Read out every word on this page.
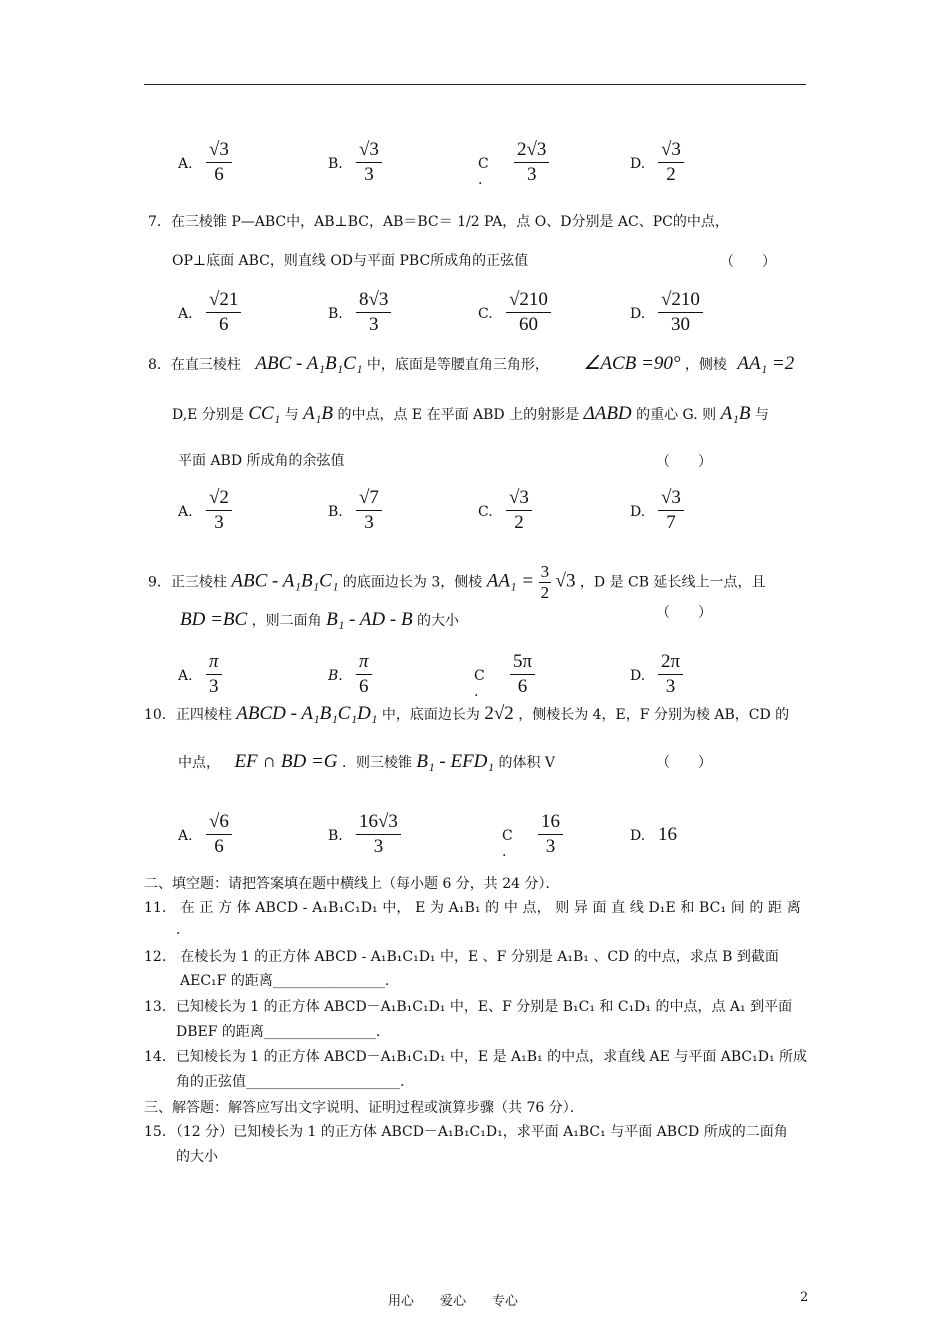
A. $\frac{√3}{6}$	B. $\frac{√3}{3}$	C .	$\frac{2√3}{3}$	D. $\frac{√3}{2}$
7．在三棱锥 P—ABC中，AB⊥BC，AB＝BC＝ 1/2 PA，点 O、D分别是 AC、PC的中点，
OP⊥底面 ABC，则直线 OD与平面 PBC所成角的正弦值	（　　）
A. $\frac{√21}{6}$	B. $\frac{8√3}{3}$	C. $\frac{√210}{60}$	D. $\frac{√210}{30}$
8．在直三棱柱 ABC - A₁B₁C₁ 中，底面是等腰直角三角形， ∠ACB =90° ，侧棱 AA₁ =2
D,E 分别是 CC₁ 与 A₁B 的中点，点 E 在平面 ABD 上的射影是 ΔABD 的重心 G. 则 A₁B 与
平面 ABD 所成角的余弦值	（　　）
A. $\frac{√2}{3}$	B. $\frac{√7}{3}$	C. $\frac{√3}{2}$	D. $\frac{√3}{7}$
9．正三棱柱 ABC - A₁B₁C₁ 的底面边长为 3，侧棱 $AA_1 = \frac{3}{2} √3$ ，D 是 CB 延长线上一点，且
BD =BC ，则二面角 B₁ - AD - B 的大小	（　　）
A. $\frac{\pi}{3}$	B. $\frac{\pi}{6}$	C .	$\frac{5\pi}{6}$	D. $\frac{2\pi}{3}$
10．正四棱柱 ABCD - A₁B₁C₁D₁ 中，底面边长为 2√2 ，侧棱长为 4，E，F 分别为棱 AB，CD 的
中点， EF ∩ BD =G ．则三棱锥 B₁ - EFD₁ 的体积 V	（　　）
A. $\frac{√6}{6}$	B. $\frac{16√3}{3}$	C .	$\frac{16}{3}$	D. 16
二、填空题：请把答案填在题中横线上（每小题 6 分，共 24 分）．
11． 在 正 方 体 ABCD - A₁B₁C₁D₁ 中， E 为 A₁B₁ 的 中 点， 则 异 面 直 线 D₁E 和 BC₁ 间 的 距 离
．
12． 在棱长为 1 的正方体 ABCD - A₁B₁C₁D₁ 中，E 、F 分别是 A₁B₁ 、CD 的中点，求点 B 到截面
AEC₁F 的距离________________.
13．已知棱长为 1 的正方体 ABCD－A₁B₁C₁D₁ 中，E、F 分别是 B₁C₁ 和 C₁D₁ 的中点，点 A₁ 到平面
DBEF 的距离________________.
14．已知棱长为 1 的正方体 ABCD－A₁B₁C₁D₁ 中，E 是 A₁B₁ 的中点，求直线 AE 与平面 ABC₁D₁ 所成
角的正弦值______________________.
三、解答题：解答应写出文字说明、证明过程或演算步骤（共 76 分）．
15．（12 分）已知棱长为 1 的正方体 ABCD－A₁B₁C₁D₁，求平面 A₁BC₁ 与平面 ABCD 所成的二面角
的大小
用心　　爱心　　专心	2
